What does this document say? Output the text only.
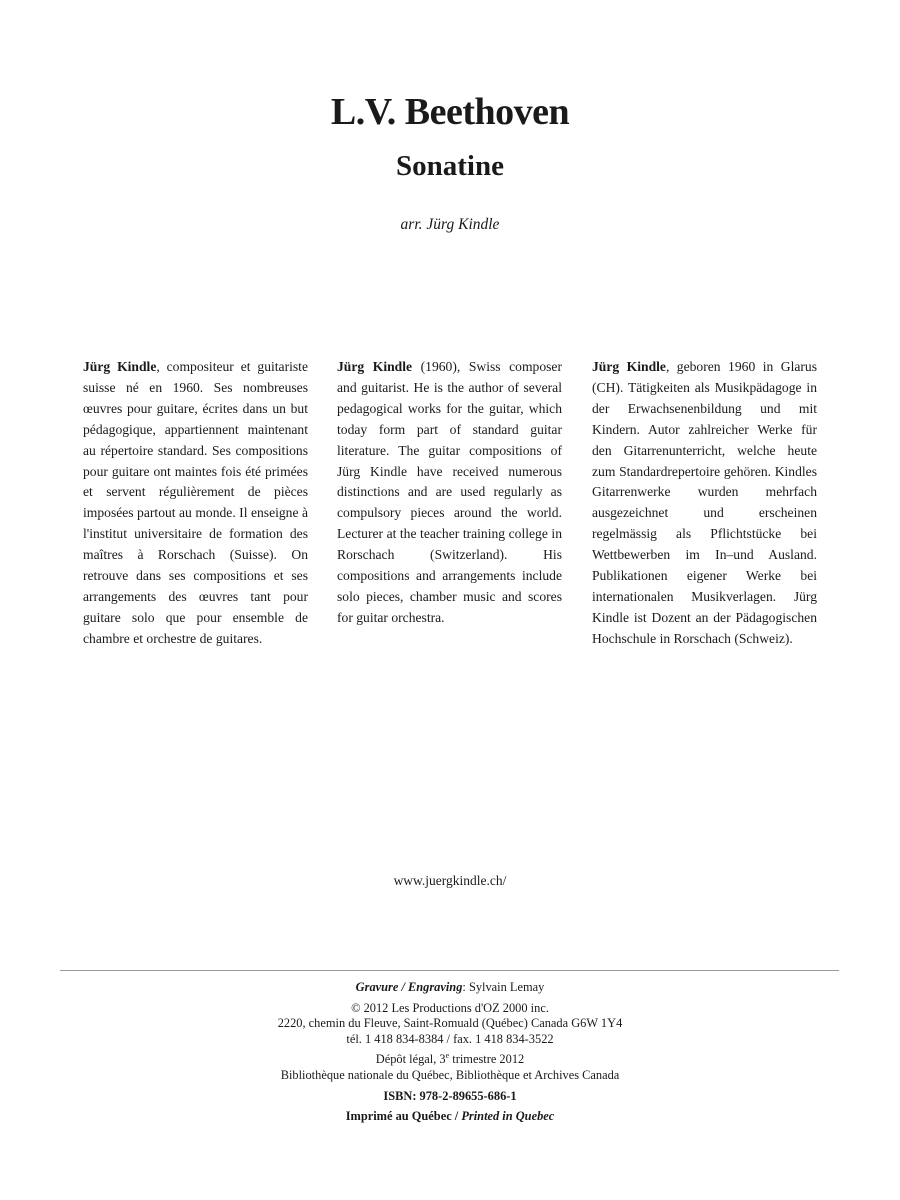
L.V. Beethoven
Sonatine

arr. Jürg Kindle

Jürg Kindle, compositeur et guitariste suisse né en 1960. Ses nombreuses œuvres pour guitare, écrites dans un but pédagogique, appartiennent maintenant au répertoire standard. Ses compositions pour guitare ont maintes fois été primées et servent régulièrement de pièces imposées partout au monde. Il enseigne à l'institut universitaire de formation des maîtres à Rorschach (Suisse). On retrouve dans ses compositions et ses arrangements des œuvres tant pour guitare solo que pour ensemble de chambre et orchestre de guitares.

Jürg Kindle (1960), Swiss composer and guitarist. He is the author of several pedagogical works for the guitar, which today form part of standard guitar literature. The guitar compositions of Jürg Kindle have received numerous distinctions and are used regularly as compulsory pieces around the world. Lecturer at the teacher training college in Rorschach (Switzerland). His compositions and arrangements include solo pieces, chamber music and scores for guitar orchestra.

Jürg Kindle, geboren 1960 in Glarus (CH). Tätigkeiten als Musikpädagoge in der Erwachsenenbildung und mit Kindern. Autor zahlreicher Werke für den Gitarrenunterricht, welche heute zum Standardrepertoire gehören. Kindles Gitarrenwerke wurden mehrfach ausgezeichnet und erscheinen regelmässig als Pflichtstücke bei Wettbewerben im In–und Ausland. Publikationen eigener Werke bei internationalen Musikverlagen. Jürg Kindle ist Dozent an der Pädagogischen Hochschule in Rorschach (Schweiz).

www.juergkindle.ch/

Gravure / Engraving: Sylvain Lemay

© 2012 Les Productions d'OZ 2000 inc.

2220, chemin du Fleuve, Saint-Romuald (Québec) Canada G6W 1Y4

tél. 1 418 834-8384 / fax. 1 418 834-3522

Dépôt légal, 3e trimestre 2012

Bibliothèque nationale du Québec, Bibliothèque et Archives Canada

ISBN: 978-2-89655-686-1

Imprimé au Québec / Printed in Quebec
